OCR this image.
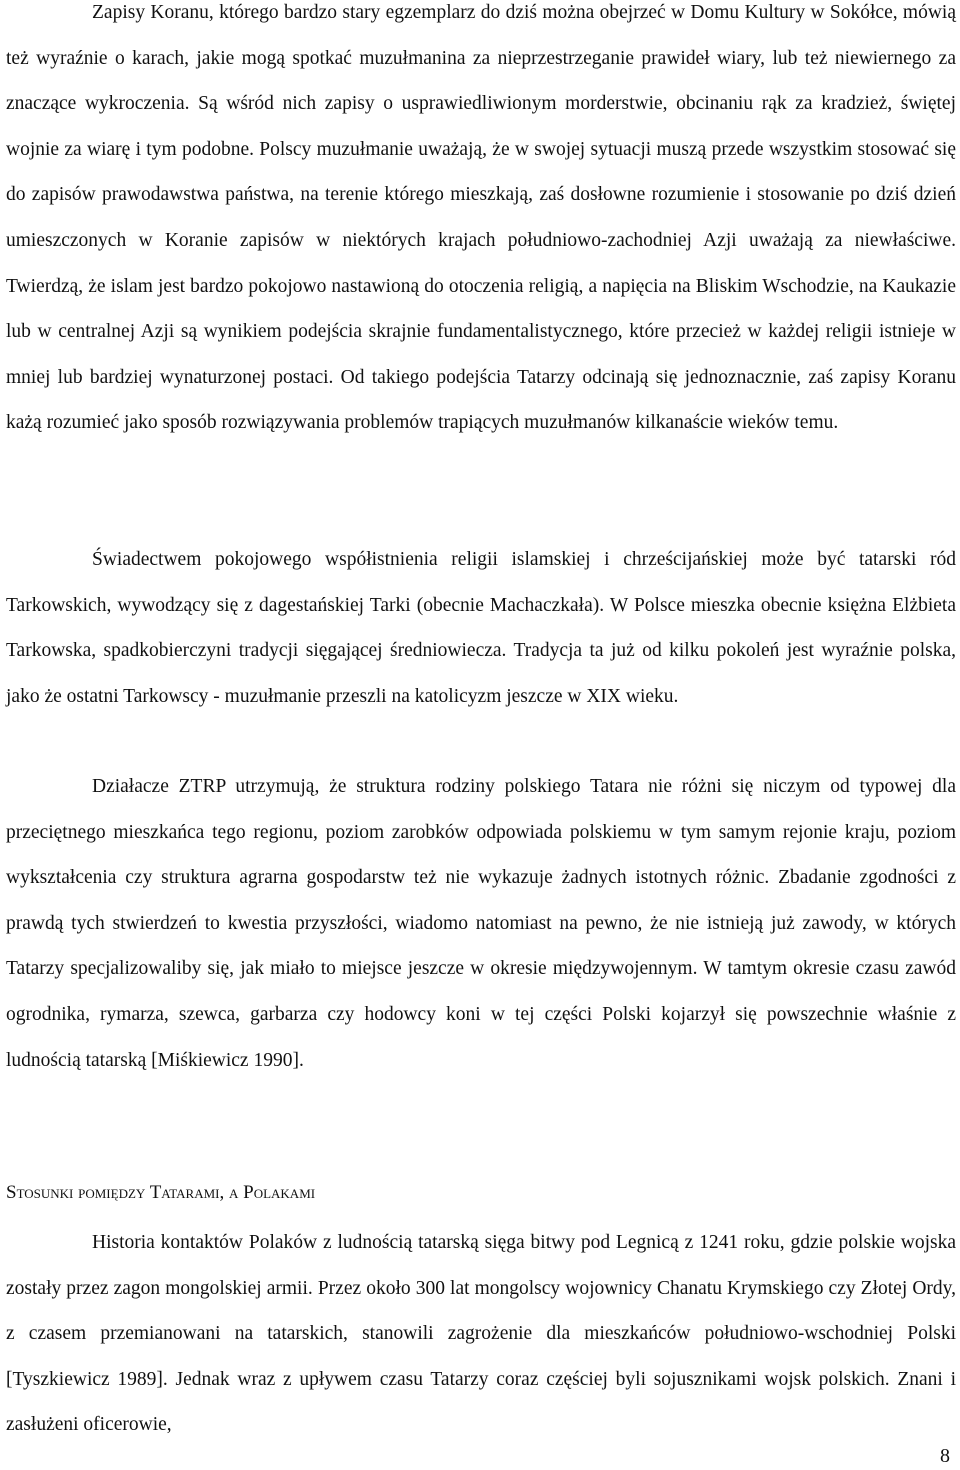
Zapisy Koranu, którego bardzo stary egzemplarz do dziś można obejrzeć w Domu Kultury w Sokółce, mówią też wyraźnie o karach, jakie mogą spotkać muzułmanina za nieprzestrzeganie prawideł wiary, lub też niewiernego za znaczące wykroczenia. Są wśród nich zapisy o usprawiedliwionym morderstwie, obcinaniu rąk za kradzież, świętej wojnie za wiarę i tym podobne. Polscy muzułmanie uważają, że w swojej sytuacji muszą przede wszystkim stosować się do zapisów prawodawstwa państwa, na terenie którego mieszkają, zaś dosłowne rozumienie i stosowanie po dziś dzień umieszczonych w Koranie zapisów w niektórych krajach południowo-zachodniej Azji uważają za niewłaściwe. Twierdzą, że islam jest bardzo pokojowo nastawioną do otoczenia religią, a napięcia na Bliskim Wschodzie, na Kaukazie lub w centralnej Azji są wynikiem podejścia skrajnie fundamentalistycznego, które przecież w każdej religii istnieje w mniej lub bardziej wynaturzonej postaci. Od takiego podejścia Tatarzy odcinają się jednoznacznie, zaś zapisy Koranu każą rozumieć jako sposób rozwiązywania problemów trapiących muzułmanów kilkanaście wieków temu.

Świadectwem pokojowego współistnienia religii islamskiej i chrześcijańskiej może być tatarski ród Tarkowskich, wywodzący się z dagestańskiej Tarki (obecnie Machaczkała). W Polsce mieszka obecnie księżna Elżbieta Tarkowska, spadkobierczyni tradycji sięgającej średniowiecza. Tradycja ta już od kilku pokoleń jest wyraźnie polska, jako że ostatni Tarkowscy - muzułmanie przeszli na katolicyzm jeszcze w XIX wieku.

Działacze ZTRP utrzymują, że struktura rodziny polskiego Tatara nie różni się niczym od typowej dla przeciętnego mieszkańca tego regionu, poziom zarobków odpowiada polskiemu w tym samym rejonie kraju, poziom wykształcenia czy struktura agrarna gospodarstw też nie wykazuje żadnych istotnych różnic. Zbadanie zgodności z prawdą tych stwierdzeń to kwestia przyszłości, wiadomo natomiast na pewno, że nie istnieją już zawody, w których Tatarzy specjalizowaliby się, jak miało to miejsce jeszcze w okresie międzywojennym. W tamtym okresie czasu zawód ogrodnika, rymarza, szewca, garbarza czy hodowcy koni w tej części Polski kojarzył się powszechnie właśnie z ludnością tatarską [Miśkiewicz 1990].

Stosunki pomiędzy Tatarami, a Polakami

Historia kontaktów Polaków z ludnością tatarską sięga bitwy pod Legnicą z 1241 roku, gdzie polskie wojska zostały przez zagon mongolskiej armii. Przez około 300 lat mongolscy wojownicy Chanatu Krymskiego czy Złotej Ordy, z czasem przemianowani na tatarskich, stanowili zagrożenie dla mieszkańców południowo-wschodniej Polski [Tyszkiewicz 1989]. Jednak wraz z upływem czasu Tatarzy coraz częściej byli sojusznikami wojsk polskich. Znani i zasłużeni oficerowie,

8
